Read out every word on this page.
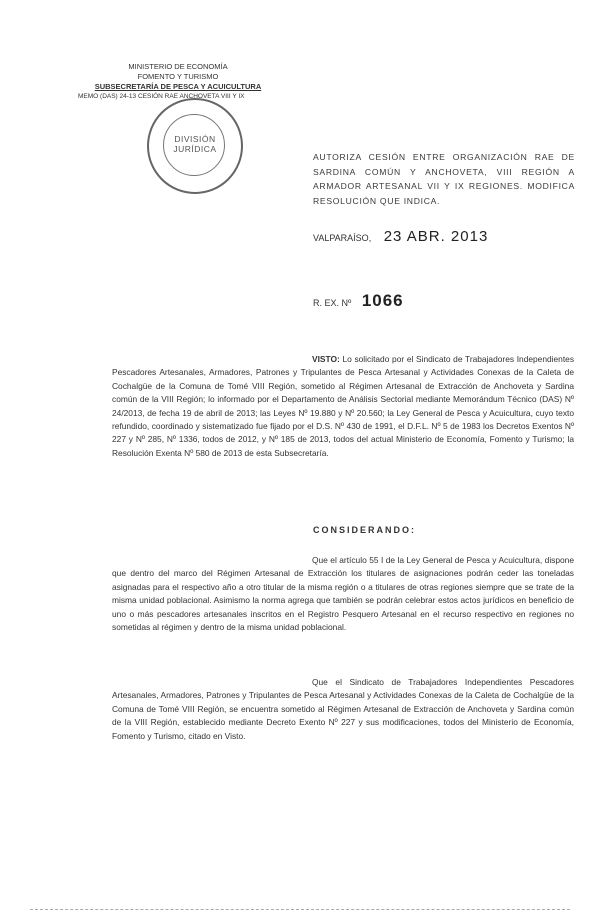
MINISTERIO DE ECONOMÍA
FOMENTO Y TURISMO
SUBSECRETARÍA DE PESCA Y ACUICULTURA
MEMO (DAS) 24-13 CESIÓN RAE ANCHOVETA VIII Y IX
DIVISIÓN
JURÍDICA
AUTORIZA CESIÓN ENTRE ORGANIZACIÓN RAE DE SARDINA COMÚN Y ANCHOVETA, VIII REGIÓN A ARMADOR ARTESANAL VII Y IX REGIONES. MODIFICA RESOLUCIÓN QUE INDICA.
VALPARAÍSO, 23 ABR. 2013
R. EX. Nº 1066

VISTO: Lo solicitado por el Sindicato de Trabajadores Independientes Pescadores Artesanales, Armadores, Patrones y Tripulantes de Pesca Artesanal y Actividades Conexas de la Caleta de Cochalgüe de la Comuna de Tomé VIII Región, sometido al Régimen Artesanal de Extracción de Anchoveta y Sardina común de la VIII Región; lo informado por el Departamento de Análisis Sectorial mediante Memorándum Técnico (DAS) Nº 24/2013, de fecha 19 de abril de 2013; las Leyes Nº 19.880 y Nº 20.560; la Ley General de Pesca y Acuicultura, cuyo texto refundido, coordinado y sistematizado fue fijado por el D.S. Nº 430 de 1991, el D.F.L. Nº 5 de 1983 los Decretos Exentos Nº 227 y Nº 285, Nº 1336, todos de 2012, y Nº 185 de 2013, todos del actual Ministerio de Economía, Fomento y Turismo; la Resolución Exenta Nº 580 de 2013 de esta Subsecretaría.

CONSIDERANDO:

Que el artículo 55 I de la Ley General de Pesca y Acuicultura, dispone que dentro del marco del Régimen Artesanal de Extracción los titulares de asignaciones podrán ceder las toneladas asignadas para el respectivo año a otro titular de la misma región o a titulares de otras regiones siempre que se trate de la misma unidad poblacional. Asimismo la norma agrega que también se podrán celebrar estos actos jurídicos en beneficio de uno o más pescadores artesanales inscritos en el Registro Pesquero Artesanal en el recurso respectivo en regiones no sometidas al régimen y dentro de la misma unidad poblacional.

Que el Sindicato de Trabajadores Independientes Pescadores Artesanales, Armadores, Patrones y Tripulantes de Pesca Artesanal y Actividades Conexas de la Caleta de Cochalgüe de la Comuna de Tomé VIII Región, se encuentra sometido al Régimen Artesanal de Extracción de Anchoveta y Sardina común de la VIII Región, establecido mediante Decreto Exento Nº 227 y sus modificaciones, todos del Ministerio de Economía, Fomento y Turismo, citado en Visto.
